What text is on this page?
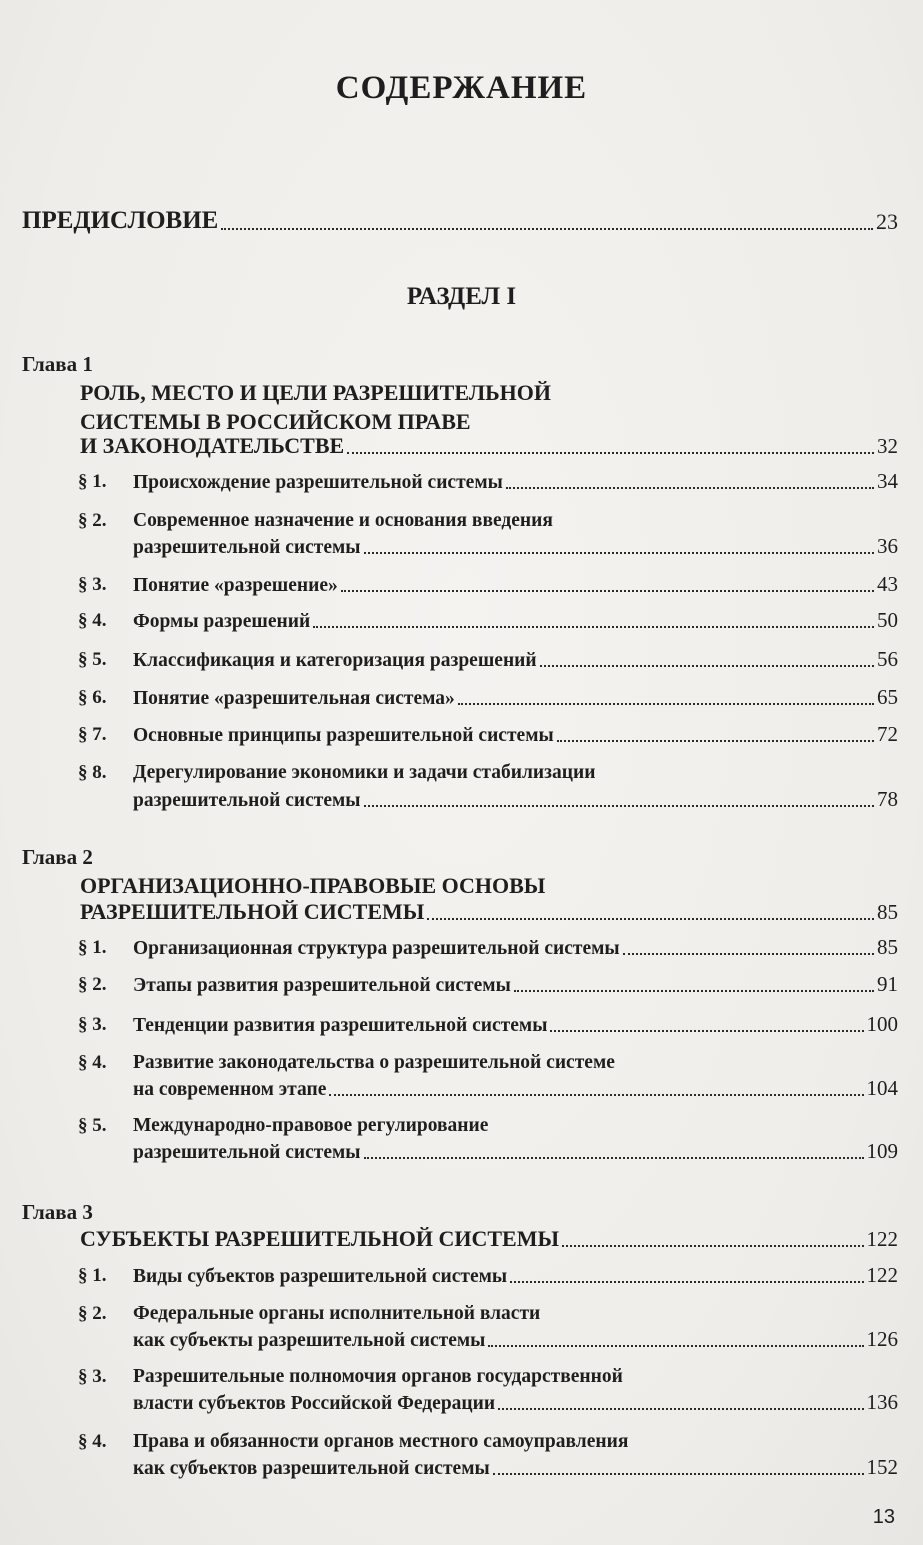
СОДЕРЖАНИЕ
ПРЕДИСЛОВИЕ	23
РАЗДЕЛ I
Глава 1
РОЛЬ, МЕСТО И ЦЕЛИ РАЗРЕШИТЕЛЬНОЙ
СИСТЕМЫ В РОССИЙСКОМ ПРАВЕ
И ЗАКОНОДАТЕЛЬСТВЕ	32
§ 1. Происхождение разрешительной системы	34
§ 2. Современное назначение и основания введения
разрешительной системы	36
§ 3. Понятие «разрешение»	43
§ 4. Формы разрешений	50
§ 5. Классификация и категоризация разрешений	56
§ 6. Понятие «разрешительная система»	65
§ 7. Основные принципы разрешительной системы	72
§ 8. Дерегулирование экономики и задачи стабилизации
разрешительной системы	78
Глава 2
ОРГАНИЗАЦИОННО-ПРАВОВЫЕ ОСНОВЫ
РАЗРЕШИТЕЛЬНОЙ СИСТЕМЫ	85
§ 1. Организационная структура разрешительной системы	85
§ 2. Этапы развития разрешительной системы	91
§ 3. Тенденции развития разрешительной системы	100
§ 4. Развитие законодательства о разрешительной системе
на современном этапе	104
§ 5. Международно-правовое регулирование
разрешительной системы	109
Глава 3
СУБЪЕКТЫ РАЗРЕШИТЕЛЬНОЙ СИСТЕМЫ	122
§ 1. Виды субъектов разрешительной системы	122
§ 2. Федеральные органы исполнительной власти
как субъекты разрешительной системы	126
§ 3. Разрешительные полномочия органов государственной
власти субъектов Российской Федерации	136
§ 4. Права и обязанности органов местного самоуправления
как субъектов разрешительной системы	152
13
